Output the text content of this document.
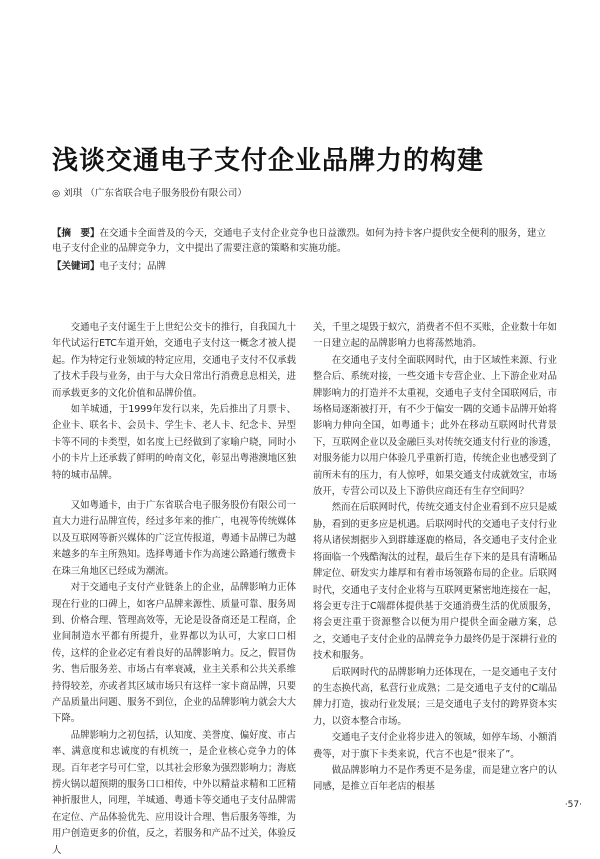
浅谈交通电子支付企业品牌力的构建
◎ 刘琪 （广东省联合电子服务股份有限公司）
【摘　要】在交通卡全面普及的今天，交通电子支付企业竞争也日益激烈。如何为持卡客户提供安全便利的服务，建立电子支付企业的品牌竞争力，文中提出了需要注意的策略和实施功能。
【关键词】电子支付；品牌

交通电子支付诞生于上世纪公交卡的推行，自我国九十年代试运行ETC车道开始，交通电子支付这一概念才被人提起。作为特定行业领域的特定应用，交通电子支付不仅承载了技术手段与业务，由于与大众日常出行消费息息相关，进而承载更多的文化价值和品牌价值。

如羊城通，于1999年发行以来，先后推出了月票卡、企业卡、联名卡、会员卡、学生卡、老人卡、纪念卡、异型卡等不同的卡类型，如名度上已经做到了家喻户晓，同时小小的卡片上还承载了鲜明的岭南文化，彰显出粤港澳地区独特的城市品牌。

又如粤通卡，由于广东省联合电子服务股份有限公司一直大力进行品牌宣传，经过多年来的推广，电视等传统媒体以及互联网等新兴媒体的广泛宣传报道，粤通卡品牌已为越来越多的车主所熟知。选择粤通卡作为高速公路通行缴费卡在珠三角地区已经成为潮流。

对于交通电子支付产业链条上的企业，品牌影响力正体现在行业的口碑上，如客户品牌来源性、质量可靠、服务周到、价格合理、管理高效等，无论是设备商还是工程商，企业间制造水平都有所提升，业界都以为认可，大家口口相传，这样的企业必定有着良好的品牌影响力。反之，假冒伪劣、售后服务差、市场占有率衰减，业主关系和公共关系维持得较差，亦或者其区域市场只有这样一家卡商品牌，只要产品质量出问题、服务不到位，企业的品牌影响力就会大大下降。

品牌影响力之初包括，认知度、美誉度、偏好度、市占率、满意度和忠诚度的有机统一，是企业核心竞争力的体现。百年老字号可仁堂，以其社会形象为强烈影响力；海底捞火锅以超预期的服务口口相传，中外以精益求精和工匠精神折服世人，同理，羊城通、粤通卡等交通电子支付品牌需在定位、产品体验优先、应用设计合理、售后服务等维，为用户创造更多的价值，反之，若服务和产品不过关，体验反人

关，千里之堤毁于蚁穴，消费者不但不买账，企业数十年如一日建立起的品牌影响力也将荡然地消。

在交通电子支付全面联网时代，由于区域性来源、行业整合后、系统对接，一些交通卡专营企业、上下游企业对品牌影响力的打造并不太重视，交通电子支付全国联网后，市场格局逐渐被打开，有不少于偏安一隅的交通卡品牌开始将影响力伸向全国，如粤通卡；此外在移动互联网时代背景下，互联网企业以及金融巨头对传统交通支付行业的渗透，对服务能力以用户体验几乎重新打造，传统企业也感受到了前所未有的压力，有人惊呼，如果交通支付成就效宝，市场放开，专营公司以及上下游供应商还有生存空间吗？

然而在后联网时代，传统交通支付企业看到不应只是威胁，看到的更多应是机遇。后联网时代的交通电子支付行业将从诸侯割据步入到群雄逐鹿的格局，各交通电子支付企业将面临一个残酷淘汰的过程，最后生存下来的是具有清晰品牌定位、研发实力雄厚和有着市场领路布局的企业。后联网时代，交通电子支付企业将与互联网更紧密地连接在一起，将会更专注于C端群体提供基于交通消费生活的优质服务，将会更注重于资源整合以便为用户提供全面金融方案，总之，交通电子支付企业的品牌竞争力最终仍是于深耕行业的技术和服务。

后联网时代的品牌影响力还体现在，一是交通电子支付的生态换代高，私营行业成熟；二是交通电子支付的C端品牌力打造，拔动行业发展；三是交通电子支付的跨界资本实力，以资本整合市场。

交通电子支付企业将步进入的领域，如停车场、小额消费等，对于旗下卡类来说，代言不也是“很来了”。

做品牌影响力不是作秀更不是务虚，而是建立客户的认同感，是推立百年老店的根基

·57·
